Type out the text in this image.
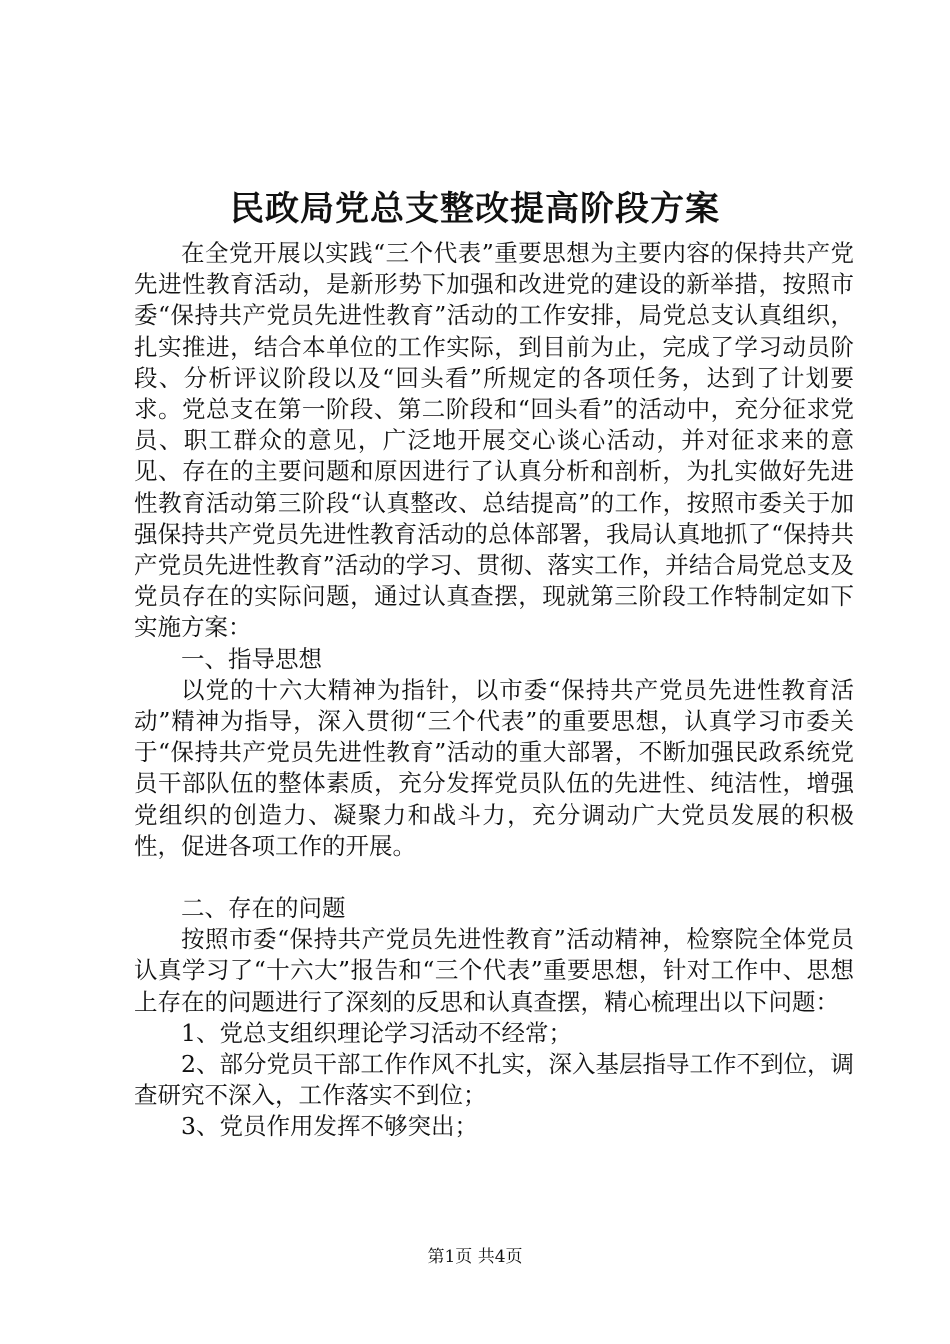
民政局党总支整改提高阶段方案

在全党开展以实践“三个代表”重要思想为主要内容的保持共产党先进性教育活动，是新形势下加强和改进党的建设的新举措，按照市委“保持共产党员先进性教育”活动的工作安排，局党总支认真组织，扎实推进，结合本单位的工作实际，到目前为止，完成了学习动员阶段、分析评议阶段以及“回头看”所规定的各项任务，达到了计划要求。党总支在第一阶段、第二阶段和“回头看”的活动中，充分征求党员、职工群众的意见，广泛地开展交心谈心活动，并对征求来的意见、存在的主要问题和原因进行了认真分析和剖析，为扎实做好先进性教育活动第三阶段“认真整改、总结提高”的工作，按照市委关于加强保持共产党员先进性教育活动的总体部署，我局认真地抓了“保持共产党员先进性教育”活动的学习、贯彻、落实工作，并结合局党总支及党员存在的实际问题，通过认真查摆，现就第三阶段工作特制定如下实施方案：

一、指导思想

以党的十六大精神为指针，以市委“保持共产党员先进性教育活动”精神为指导，深入贯彻“三个代表”的重要思想，认真学习市委关于“保持共产党员先进性教育”活动的重大部署，不断加强民政系统党员干部队伍的整体素质，充分发挥党员队伍的先进性、纯洁性，增强党组织的创造力、凝聚力和战斗力，充分调动广大党员发展的积极性，促进各项工作的开展。

二、存在的问题

按照市委“保持共产党员先进性教育”活动精神，检察院全体党员认真学习了“十六大”报告和“三个代表”重要思想，针对工作中、思想上存在的问题进行了深刻的反思和认真查摆，精心梳理出以下问题：

1、党总支组织理论学习活动不经常；

2、部分党员干部工作作风不扎实，深入基层指导工作不到位，调查研究不深入，工作落实不到位；

3、党员作用发挥不够突出；

第1页 共4页
